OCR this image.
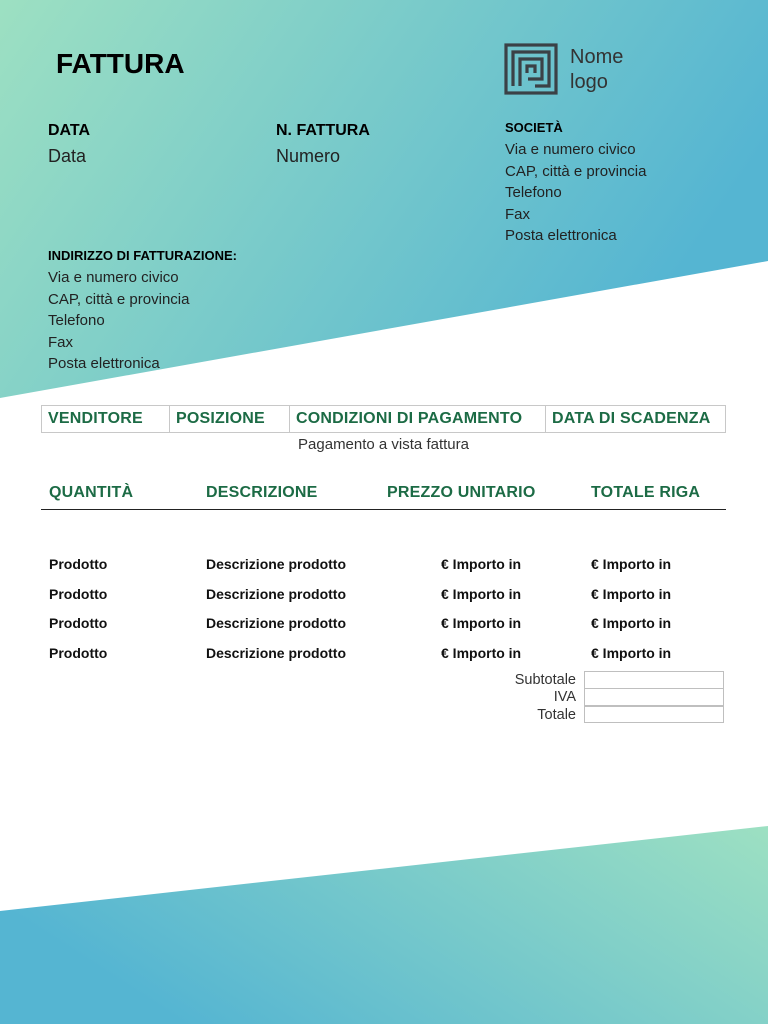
FATTURA	Nome logo
DATA
Data
N. FATTURA
Numero
SOCIETÀ
Via e numero civico
CAP, città e provincia
Telefono
Fax
Posta elettronica
INDIRIZZO DI FATTURAZIONE:
Via e numero civico
CAP, città e provincia
Telefono
Fax
Posta elettronica
VENDITORE	POSIZIONE	CONDIZIONI DI PAGAMENTO	DATA DI SCADENZA
Pagamento a vista fattura
QUANTITÀ	DESCRIZIONE	PREZZO UNITARIO	TOTALE RIGA
Prodotto	Descrizione prodotto	€ Importo in	€ Importo in
Prodotto	Descrizione prodotto	€ Importo in	€ Importo in
Prodotto	Descrizione prodotto	€ Importo in	€ Importo in
Prodotto	Descrizione prodotto	€ Importo in	€ Importo in
Subtotale
IVA
Totale
